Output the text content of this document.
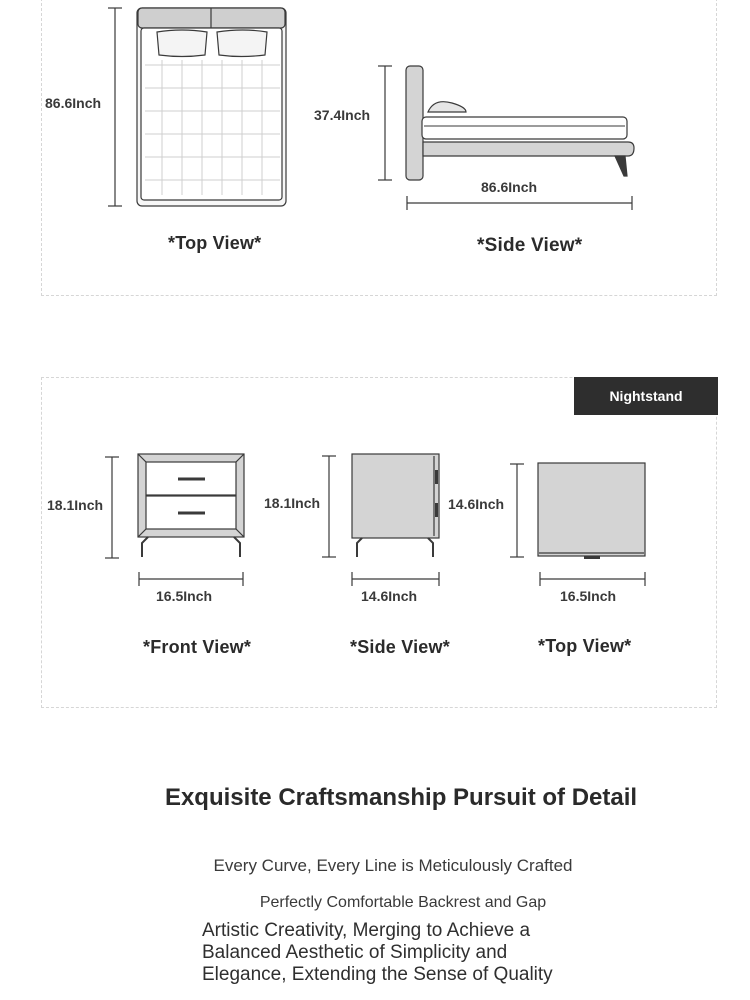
86.6Inch
*Top View*
37.4Inch
86.6Inch
*Side View*
Nightstand
18.1Inch
16.5Inch
*Front View*
18.1Inch
14.6Inch
*Side View*
14.6Inch
16.5Inch
*Top View*
Exquisite Craftsmanship Pursuit of Detail
Every Curve, Every Line is Meticulously Crafted
Perfectly Comfortable Backrest and Gap
Artistic Creativity, Merging to Achieve a Balanced Aesthetic of Simplicity and Elegance, Extending the Sense of Quality
